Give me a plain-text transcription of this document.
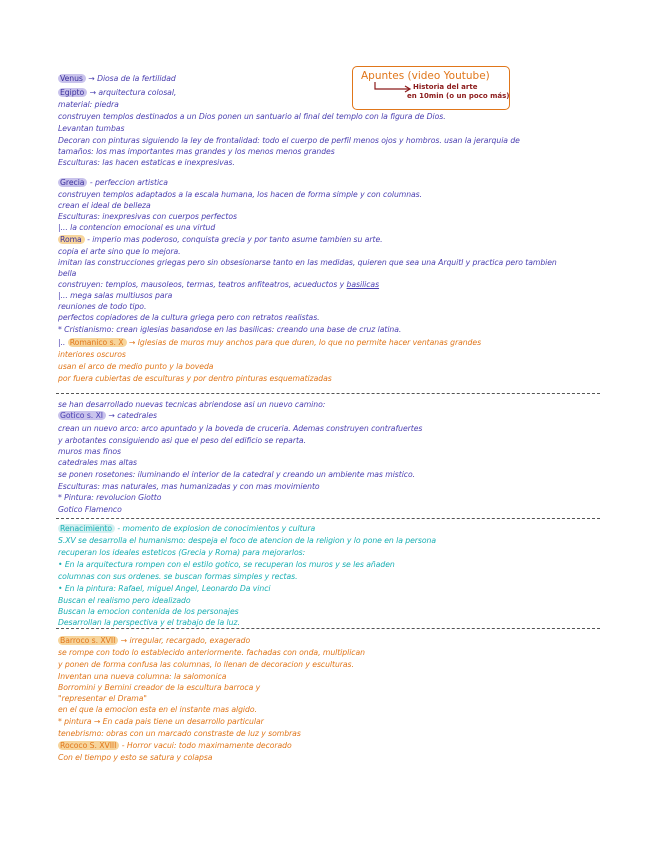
Apuntes (video Youtube)
Historia del arte
en 10min (o un poco más)
Venus → Diosa de la fertilidad
Egipto → arquitectura colosal,
material: piedra
construyen templos destinados a un Dios ponen un santuario al final del templo con la figura de Dios.
Levantan tumbas
Decoran con pinturas siguiendo la ley de frontalidad: todo el cuerpo de perfil menos ojos y hombros. usan la jerarquia de
tamaños: los mas importantes mas grandes y los menos menos grandes
Esculturas: las hacen estaticas e inexpresivas.
Grecia - perfeccion artistica
construyen templos adaptados a la escala humana, los hacen de forma simple y con columnas.
crean el ideal de belleza
Esculturas: inexpresivas con cuerpos perfectos
|... la contencion emocional es una virtud
Roma - imperio mas poderoso, conquista grecia y por tanto asume tambien su arte.
copia el arte sino que lo mejora.
imitan las construcciones griegas pero sin obsesionarse tanto en las medidas, quieren que sea una Arquitl y practica pero tambien
bella
construyen: templos, mausoleos, termas, teatros anfiteatros, acueductos y basilicas
|... mega salas multiusos para
reuniones de todo tipo.
perfectos copiadores de la cultura griega pero con retratos realistas.
* Cristianismo: crean iglesias basandose en las basilicas: creando una base de cruz latina.
|.. Romanico s. X → Iglesias de muros muy anchos para que duren, lo que no permite hacer ventanas grandes
interiores oscuros
usan el arco de medio punto y la boveda
por fuera cubiertas de esculturas y por dentro pinturas esquematizadas
se han desarrollado nuevas tecnicas abriendose asi un nuevo camino:
Gotico s. XI → catedrales
crean un nuevo arco: arco apuntado y la boveda de cruceria. Ademas construyen contrafuertes
y arbotantes consiguiendo asi que el peso del edificio se reparta.
muros mas finos
catedrales mas altas
se ponen rosetones: iluminando el interior de la catedral y creando un ambiente mas mistico.
Esculturas: mas naturales, mas humanizadas y con mas movimiento
* Pintura: revolucion Giotto
Gotico Flamenco
Renacimiento - momento de explosion de conocimientos y cultura
S.XV se desarrolla el humanismo: despeja el foco de atencion de la religion y lo pone en la persona
recuperan los ideales esteticos (Grecia y Roma) para mejorarlos:
• En la arquitectura rompen con el estilo gotico, se recuperan los muros y se les añaden
columnas con sus ordenes. se buscan formas simples y rectas.
• En la pintura: Rafael, miguel Angel, Leonardo Da vinci
Buscan el realismo pero idealizado
Buscan la emocion contenida de los personajes
Desarrollan la perspectiva y el trabajo de la luz.
Barroco s. XVII → irregular, recargado, exagerado
se rompe con todo lo establecido anteriormente. fachadas con onda, multiplican
y ponen de forma confusa las columnas, lo llenan de decoracion y esculturas.
Inventan una nueva columna: la salomonica
Borromini y Bernini creador de la escultura barroca y
"representar el Drama"
en el que la emocion esta en el instante mas algido.
* pintura → En cada pais tiene un desarrollo particular
tenebrismo: obras con un marcado constraste de luz y sombras
Rococo S. XVIII - Horror vacui: todo maximamente decorado
Con el tiempo y esto se satura y colapsa
